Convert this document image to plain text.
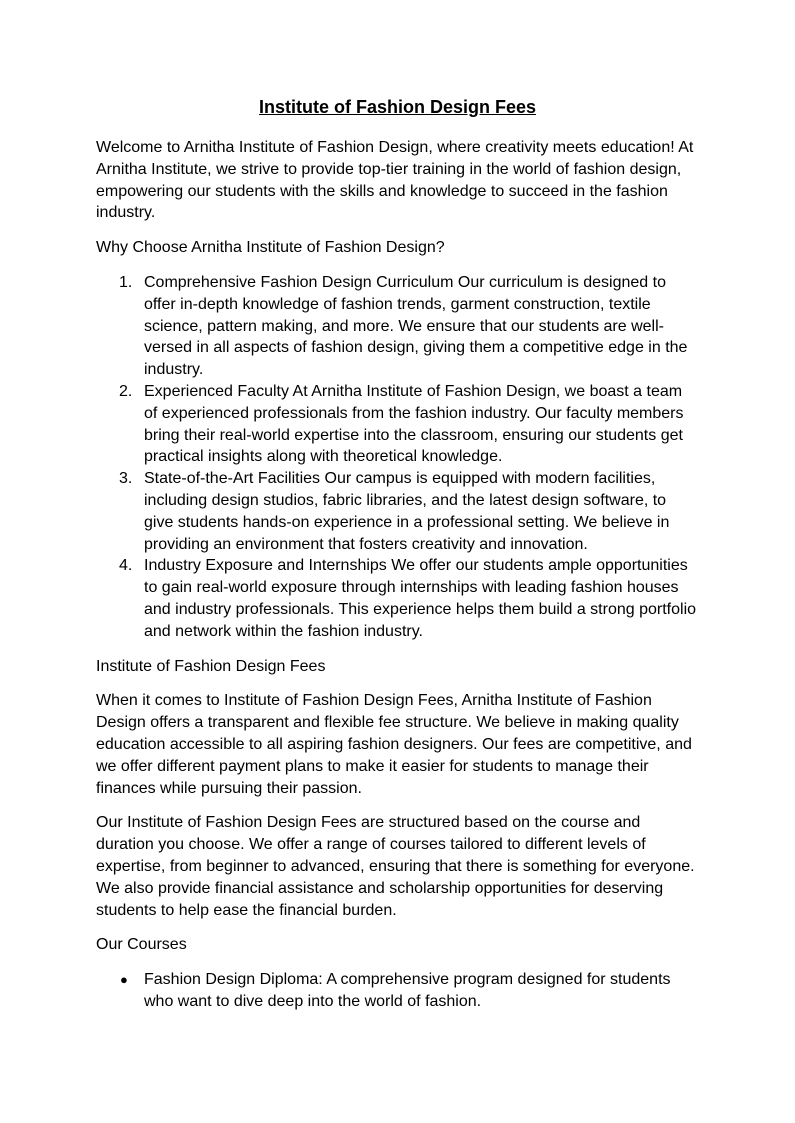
Institute of Fashion Design Fees

Welcome to Arnitha Institute of Fashion Design, where creativity meets education! At Arnitha Institute, we strive to provide top-tier training in the world of fashion design, empowering our students with the skills and knowledge to succeed in the fashion industry.

Why Choose Arnitha Institute of Fashion Design?

1. Comprehensive Fashion Design Curriculum Our curriculum is designed to offer in-depth knowledge of fashion trends, garment construction, textile science, pattern making, and more. We ensure that our students are well-versed in all aspects of fashion design, giving them a competitive edge in the industry.
2. Experienced Faculty At Arnitha Institute of Fashion Design, we boast a team of experienced professionals from the fashion industry. Our faculty members bring their real-world expertise into the classroom, ensuring our students get practical insights along with theoretical knowledge.
3. State-of-the-Art Facilities Our campus is equipped with modern facilities, including design studios, fabric libraries, and the latest design software, to give students hands-on experience in a professional setting. We believe in providing an environment that fosters creativity and innovation.
4. Industry Exposure and Internships We offer our students ample opportunities to gain real-world exposure through internships with leading fashion houses and industry professionals. This experience helps them build a strong portfolio and network within the fashion industry.

Institute of Fashion Design Fees

When it comes to Institute of Fashion Design Fees, Arnitha Institute of Fashion Design offers a transparent and flexible fee structure. We believe in making quality education accessible to all aspiring fashion designers. Our fees are competitive, and we offer different payment plans to make it easier for students to manage their finances while pursuing their passion.

Our Institute of Fashion Design Fees are structured based on the course and duration you choose. We offer a range of courses tailored to different levels of expertise, from beginner to advanced, ensuring that there is something for everyone. We also provide financial assistance and scholarship opportunities for deserving students to help ease the financial burden.

Our Courses

● Fashion Design Diploma: A comprehensive program designed for students who want to dive deep into the world of fashion.
